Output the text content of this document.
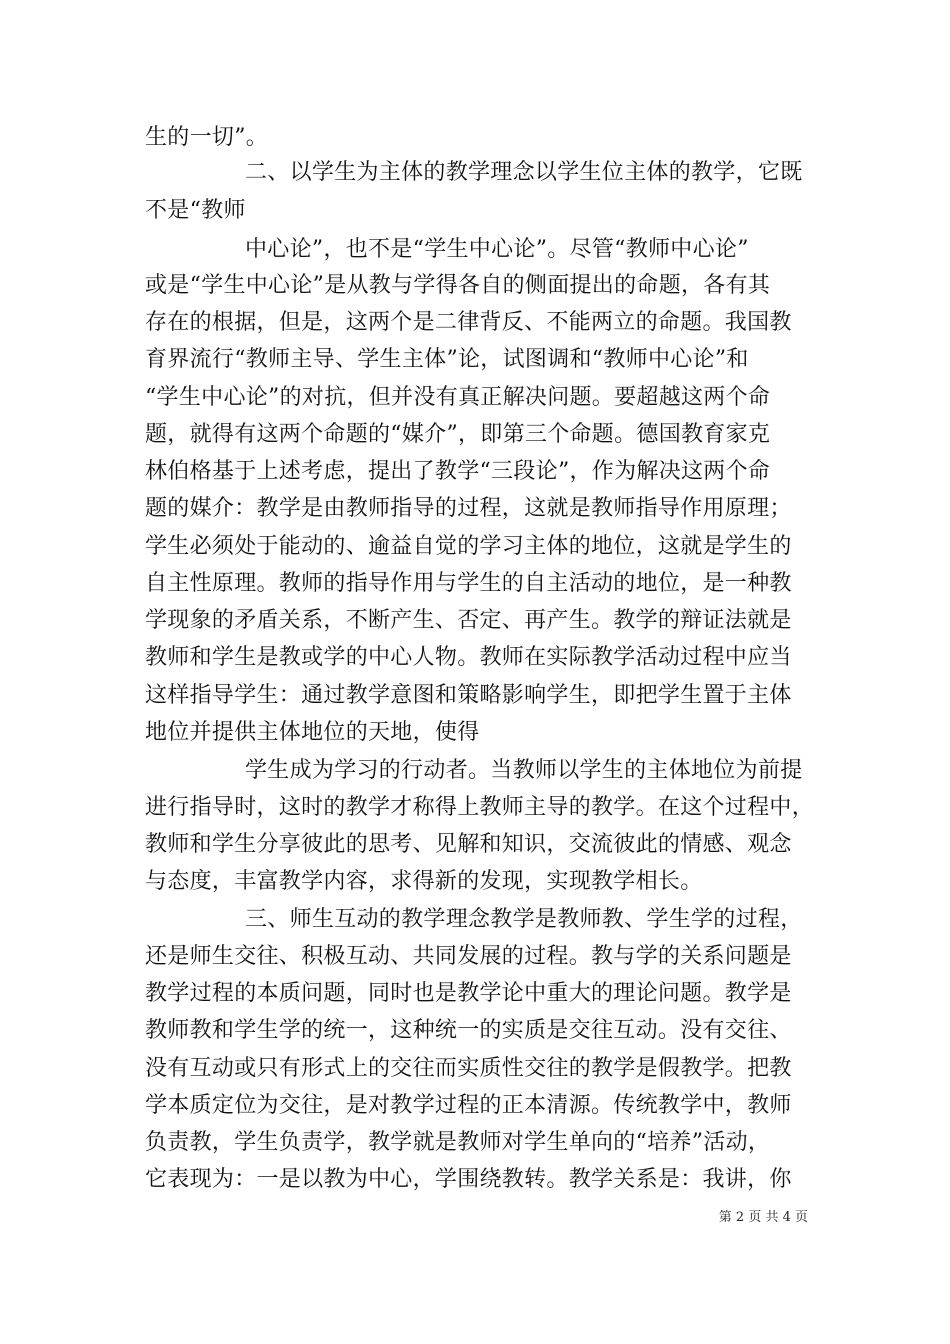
生的一切”。
二、以学生为主体的教学理念以学生位主体的教学，它既
不是“教师
中心论”，也不是“学生中心论”。尽管“教师中心论”
或是“学生中心论”是从教与学得各自的侧面提出的命题，各有其
存在的根据，但是，这两个是二律背反、不能两立的命题。我国教
育界流行“教师主导、学生主体”论，试图调和“教师中心论”和
“学生中心论”的对抗，但并没有真正解决问题。要超越这两个命
题，就得有这两个命题的“媒介”，即第三个命题。德国教育家克
林伯格基于上述考虑，提出了教学“三段论”，作为解决这两个命
题的媒介：教学是由教师指导的过程，这就是教师指导作用原理；
学生必须处于能动的、逾益自觉的学习主体的地位，这就是学生的
自主性原理。教师的指导作用与学生的自主活动的地位，是一种教
学现象的矛盾关系，不断产生、否定、再产生。教学的辩证法就是
教师和学生是教或学的中心人物。教师在实际教学活动过程中应当
这样指导学生：通过教学意图和策略影响学生，即把学生置于主体
地位并提供主体地位的天地，使得
学生成为学习的行动者。当教师以学生的主体地位为前提
进行指导时，这时的教学才称得上教师主导的教学。在这个过程中，
教师和学生分享彼此的思考、见解和知识，交流彼此的情感、观念
与态度，丰富教学内容，求得新的发现，实现教学相长。
三、师生互动的教学理念教学是教师教、学生学的过程，
还是师生交往、积极互动、共同发展的过程。教与学的关系问题是
教学过程的本质问题，同时也是教学论中重大的理论问题。教学是
教师教和学生学的统一，这种统一的实质是交往互动。没有交往、
没有互动或只有形式上的交往而实质性交往的教学是假教学。把教
学本质定位为交往，是对教学过程的正本清源。传统教学中，教师
负责教，学生负责学，教学就是教师对学生单向的“培养”活动，
它表现为：一是以教为中心，学围绕教转。教学关系是：我讲，你
第 2 页 共 4 页
